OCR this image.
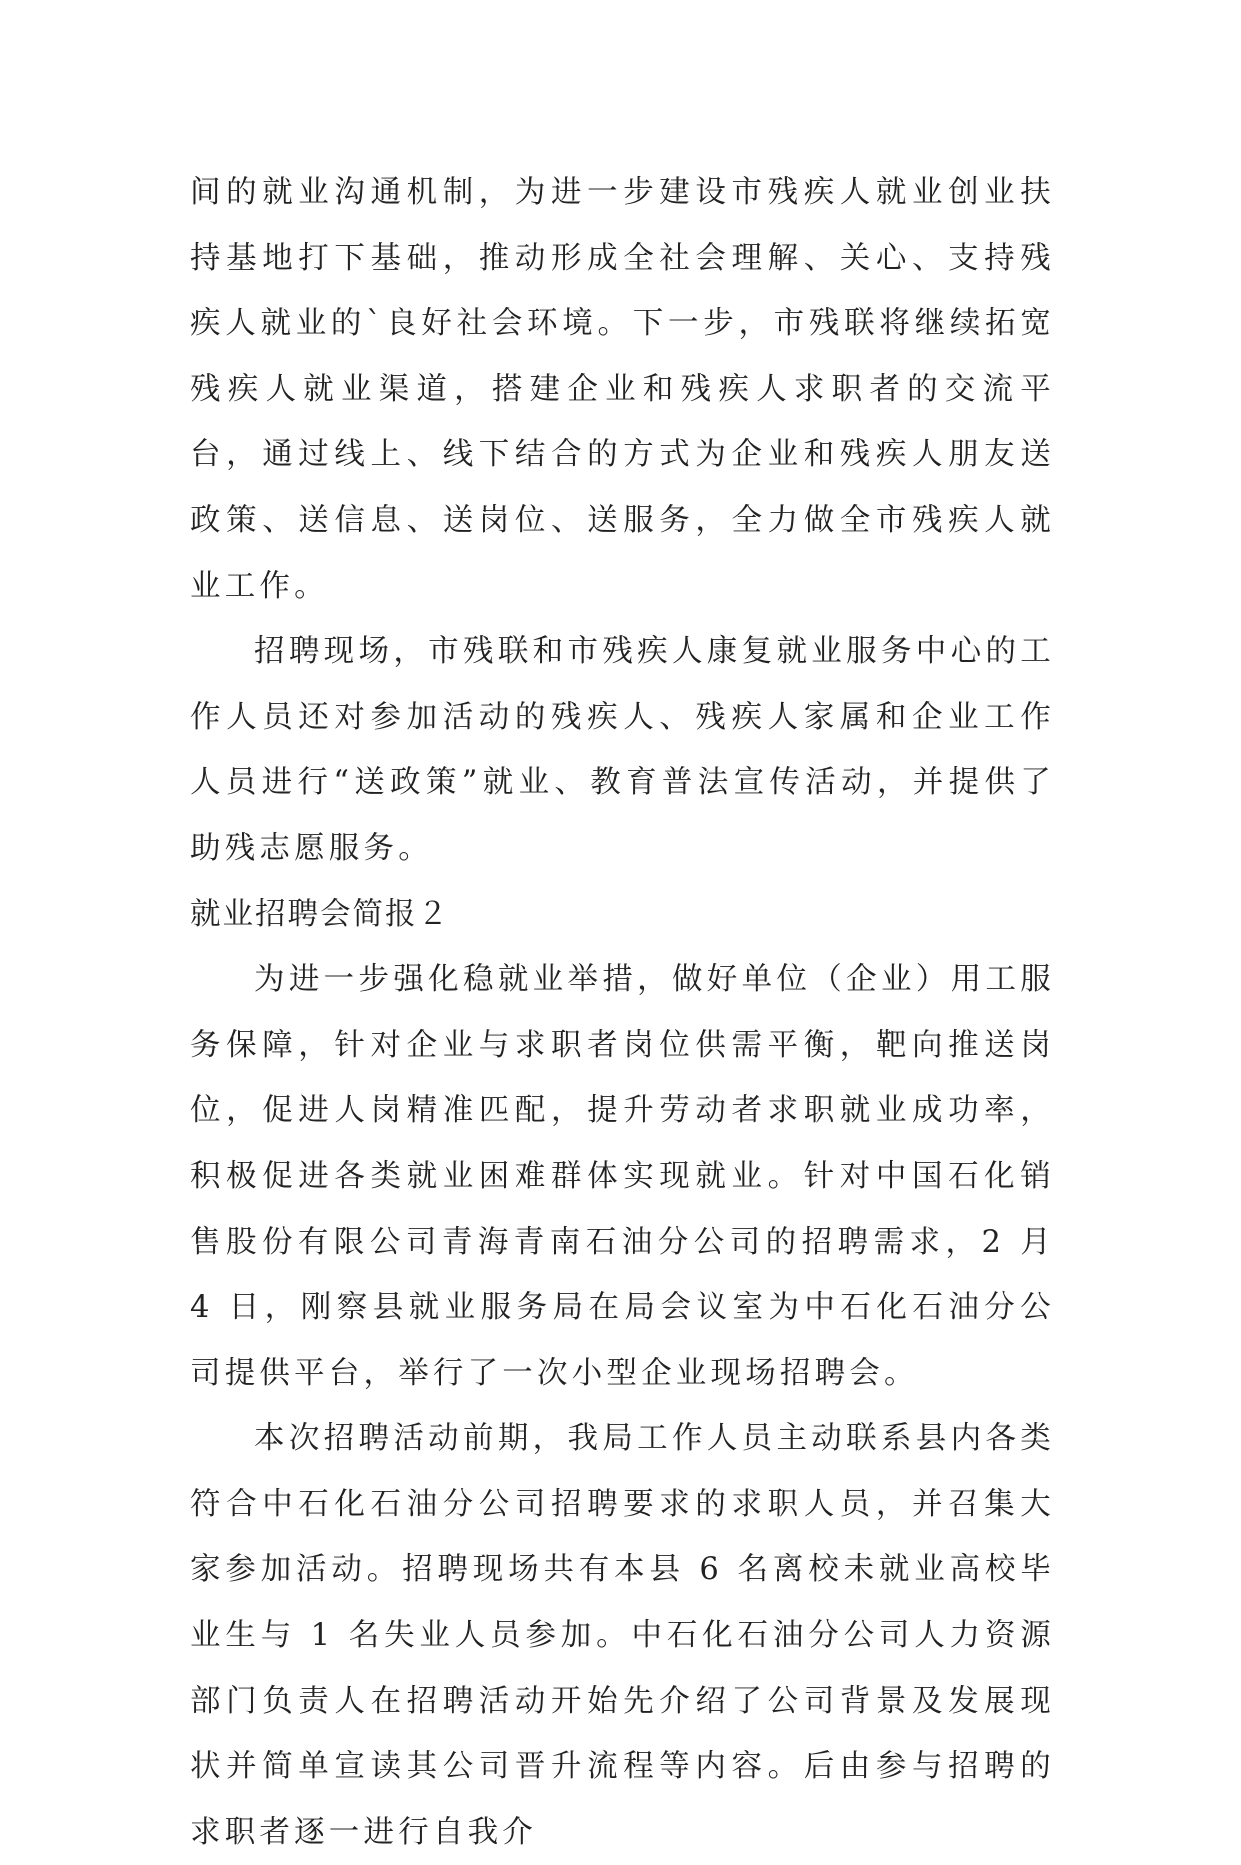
间的就业沟通机制，为进一步建设市残疾人就业创业扶持基地打下基础，推动形成全社会理解、关心、支持残疾人就业的`良好社会环境。下一步，市残联将继续拓宽残疾人就业渠道，搭建企业和残疾人求职者的交流平台，通过线上、线下结合的方式为企业和残疾人朋友送政策、送信息、送岗位、送服务，全力做全市残疾人就业工作。

招聘现场，市残联和市残疾人康复就业服务中心的工作人员还对参加活动的残疾人、残疾人家属和企业工作人员进行“送政策”就业、教育普法宣传活动，并提供了助残志愿服务。

就业招聘会简报２

为进一步强化稳就业举措，做好单位（企业）用工服务保障，针对企业与求职者岗位供需平衡，靶向推送岗位，促进人岗精准匹配，提升劳动者求职就业成功率，积极促进各类就业困难群体实现就业。针对中国石化销售股份有限公司青海青南石油分公司的招聘需求，2 月 4 日，刚察县就业服务局在局会议室为中石化石油分公司提供平台，举行了一次小型企业现场招聘会。

本次招聘活动前期，我局工作人员主动联系县内各类符合中石化石油分公司招聘要求的求职人员，并召集大家参加活动。招聘现场共有本县 6 名离校未就业高校毕业生与 1 名失业人员参加。中石化石油分公司人力资源部门负责人在招聘活动开始先介绍了公司背景及发展现状并简单宣读其公司晋升流程等内容。后由参与招聘的求职者逐一进行自我介
